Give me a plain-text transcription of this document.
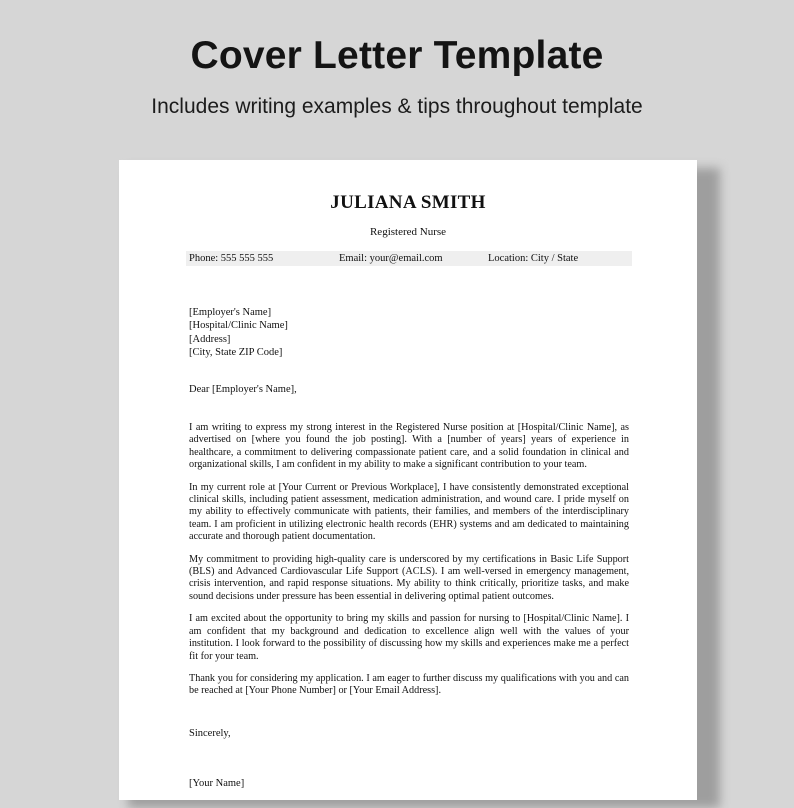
Cover Letter Template
Includes writing examples & tips throughout template
JULIANA SMITH
Registered Nurse
Phone: 555 555 555	Email: your@email.com	Location: City / State
[Employer's Name]
[Hospital/Clinic Name]
[Address]
[City, State ZIP Code]
Dear [Employer's Name],

I am writing to express my strong interest in the Registered Nurse position at [Hospital/Clinic Name], as advertised on [where you found the job posting]. With a [number of years] years of experience in healthcare, a commitment to delivering compassionate patient care, and a solid foundation in clinical and organizational skills, I am confident in my ability to make a significant contribution to your team.

In my current role at [Your Current or Previous Workplace], I have consistently demonstrated exceptional clinical skills, including patient assessment, medication administration, and wound care. I pride myself on my ability to effectively communicate with patients, their families, and members of the interdisciplinary team. I am proficient in utilizing electronic health records (EHR) systems and am dedicated to maintaining accurate and thorough patient documentation.

My commitment to providing high-quality care is underscored by my certifications in Basic Life Support (BLS) and Advanced Cardiovascular Life Support (ACLS). I am well-versed in emergency management, crisis intervention, and rapid response situations. My ability to think critically, prioritize tasks, and make sound decisions under pressure has been essential in delivering optimal patient outcomes.

I am excited about the opportunity to bring my skills and passion for nursing to [Hospital/Clinic Name]. I am confident that my background and dedication to excellence align well with the values of your institution. I look forward to the possibility of discussing how my skills and experiences make me a perfect fit for your team.

Thank you for considering my application. I am eager to further discuss my qualifications with you and can be reached at [Your Phone Number] or [Your Email Address].

Sincerely,
[Your Name]
